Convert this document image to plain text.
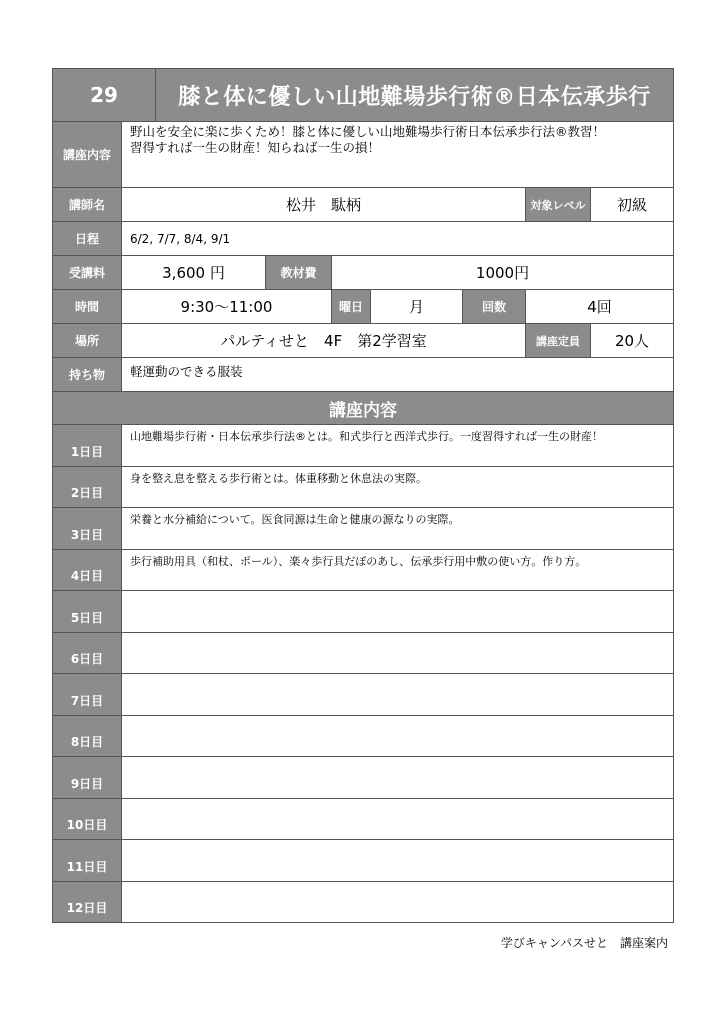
29		膝と体に優しい山地難場歩行術®日本伝承歩行						
講座内容	野山を安全に楽に歩くため！膝と体に優しい山地難場歩行術日本伝承歩行法®教習！
習得すれば一生の財産！知らねば一生の損！							

講師名	松井　駄柄						対象レベル	初級
日程	6/2, 7/7, 8/4, 9/1							
受講料	3,600 円		教材費	1000円				
時間	9:30～11:00			曜日	月	回数	4回	
場所	パルティせと　4F　第2学習室						講座定員	20人
持ち物	軽運動のできる服装							
講座内容								
1日目	山地難場歩行術・日本伝承歩行法®とは。和式歩行と西洋式歩行。一度習得すれば一生の財産！
2日目	身を整え息を整える歩行術とは。体重移動と休息法の実際。
3日目	栄養と水分補給について。医食同源は生命と健康の源なりの実際。
4日目	歩行補助用具（和杖、ポール）、楽々歩行具だぼのあし、伝承歩行用中敷の使い方。作り方。
5日目	
6日目	
7日目	
8日目	
9日目	
10日目	
11日目	
12日目	
学びキャンパスせと　講座案内
